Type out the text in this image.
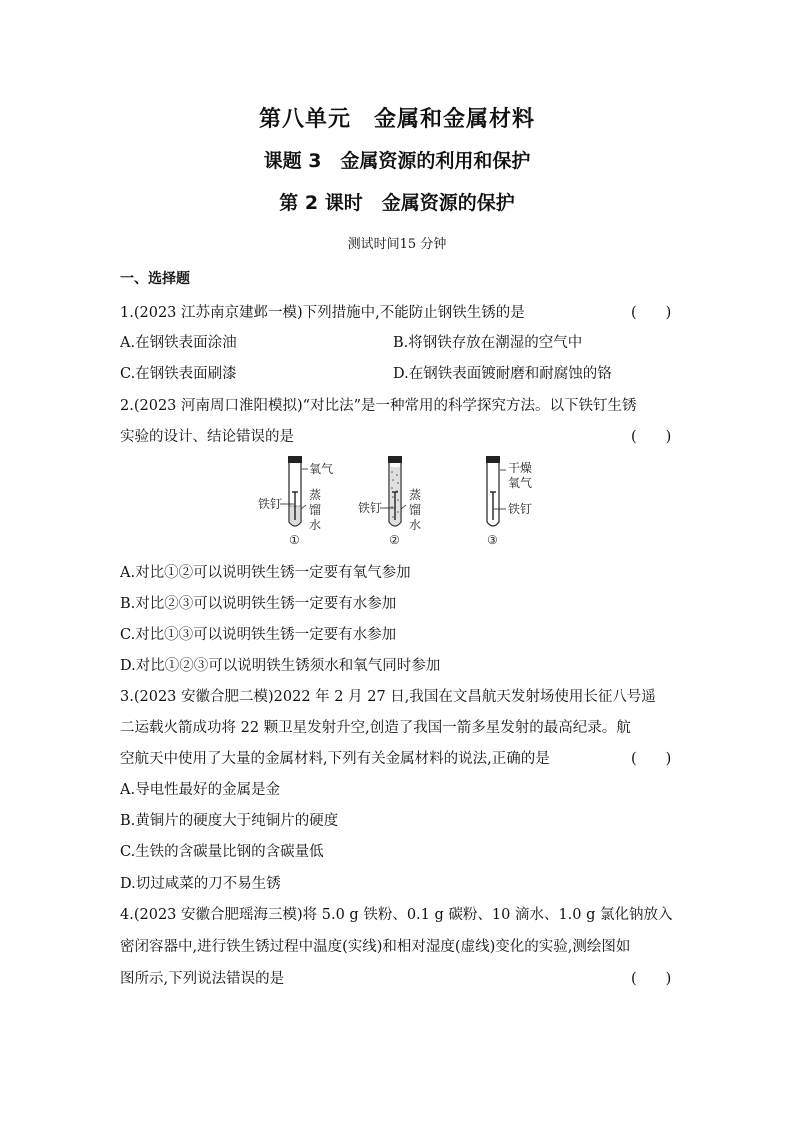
第八单元　金属和金属材料
课题 3　金属资源的利用和保护
第 2 课时　金属资源的保护
测试时间15 分钟
一、选择题
1.(2023 江苏南京建邺一模)下列措施中,不能防止钢铁生锈的是	(　　)
A.在钢铁表面涂油	B.将钢铁存放在潮湿的空气中
C.在钢铁表面刷漆	D.在钢铁表面镀耐磨和耐腐蚀的铬
2.(2023 河南周口淮阳模拟)“对比法”是一种常用的科学探究方法。以下铁钉生锈
实验的设计、结论错误的是	(　　)
氧气
铁钉
蒸
馏
水
①
铁钉
蒸
馏
水
②
干燥
氧气
铁钉
③
A.对比①②可以说明铁生锈一定要有氧气参加
B.对比②③可以说明铁生锈一定要有水参加
C.对比①③可以说明铁生锈一定要有水参加
D.对比①②③可以说明铁生锈须水和氧气同时参加
3.(2023 安徽合肥二模)2022 年 2 月 27 日,我国在文昌航天发射场使用长征八号遥
二运载火箭成功将 22 颗卫星发射升空,创造了我国一箭多星发射的最高纪录。航
空航天中使用了大量的金属材料,下列有关金属材料的说法,正确的是	(　　)
A.导电性最好的金属是金
B.黄铜片的硬度大于纯铜片的硬度
C.生铁的含碳量比钢的含碳量低
D.切过咸菜的刀不易生锈
4.(2023 安徽合肥瑶海三模)将 5.0 g 铁粉、0.1 g 碳粉、10 滴水、1.0 g 氯化钠放入
密闭容器中,进行铁生锈过程中温度(实线)和相对湿度(虚线)变化的实验,测绘图如
图所示,下列说法错误的是	(　　)
